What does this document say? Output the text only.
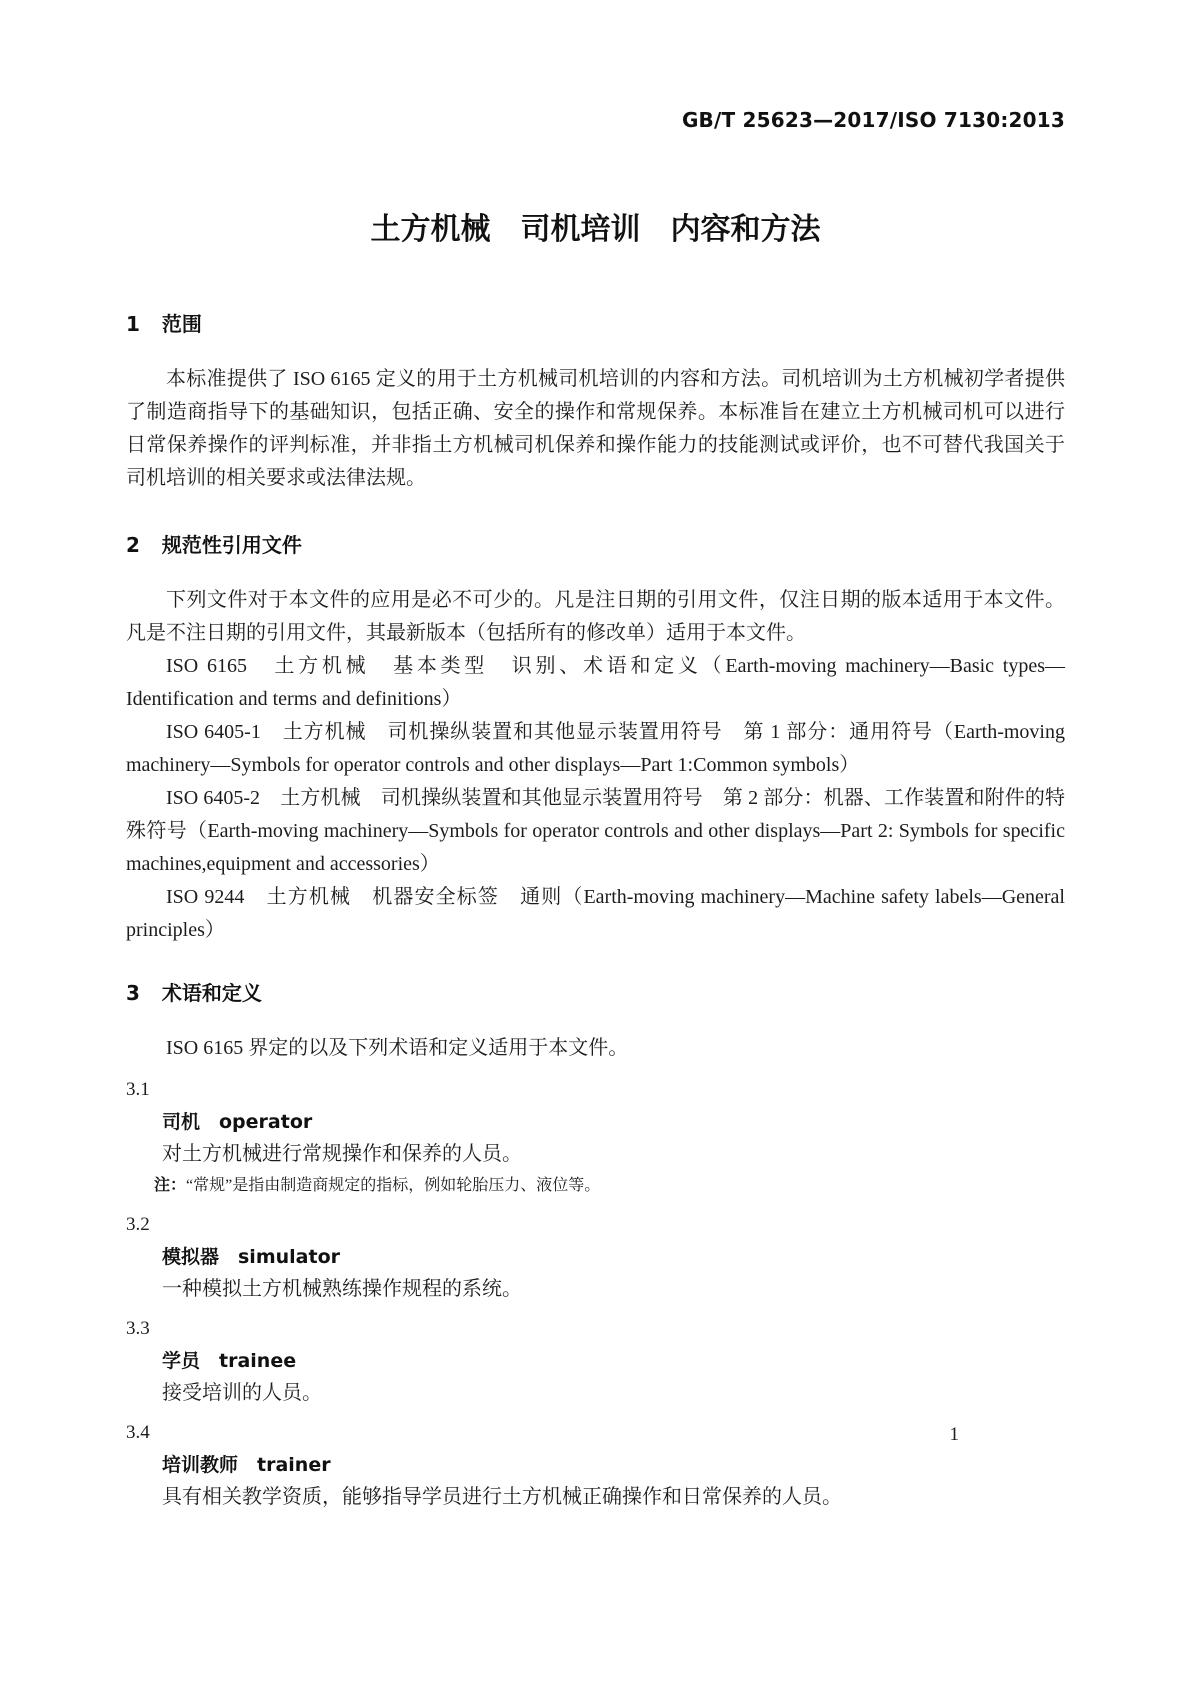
GB/T 25623—2017/ISO 7130:2013
土方机械　司机培训　内容和方法
1 范围

本标准提供了 ISO 6165 定义的用于土方机械司机培训的内容和方法。司机培训为土方机械初学者提供了制造商指导下的基础知识，包括正确、安全的操作和常规保养。本标准旨在建立土方机械司机可以进行日常保养操作的评判标准，并非指土方机械司机保养和操作能力的技能测试或评价，也不可替代我国关于司机培训的相关要求或法律法规。

2 规范性引用文件

下列文件对于本文件的应用是必不可少的。凡是注日期的引用文件，仅注日期的版本适用于本文件。凡是不注日期的引用文件，其最新版本（包括所有的修改单）适用于本文件。

ISO 6165　土方机械　基本类型　识别、术语和定义（Earth-moving machinery—Basic types—Identification and terms and definitions）

ISO 6405-1　土方机械　司机操纵装置和其他显示装置用符号　第 1 部分：通用符号（Earth-moving machinery—Symbols for operator controls and other displays—Part 1:Common symbols）

ISO 6405-2　土方机械　司机操纵装置和其他显示装置用符号　第 2 部分：机器、工作装置和附件的特殊符号（Earth-moving machinery—Symbols for operator controls and other displays—Part 2: Symbols for specific machines,equipment and accessories）

ISO 9244　土方机械　机器安全标签　通则（Earth-moving machinery—Machine safety labels—General principles）

3 术语和定义

ISO 6165 界定的以及下列术语和定义适用于本文件。

3.1
司机　operator
对土方机械进行常规操作和保养的人员。
注：“常规”是指由制造商规定的指标，例如轮胎压力、液位等。
3.2
模拟器　simulator
一种模拟土方机械熟练操作规程的系统。
3.3
学员　trainee
接受培训的人员。
3.4
培训教师　trainer
具有相关教学资质，能够指导学员进行土方机械正确操作和日常保养的人员。
1
